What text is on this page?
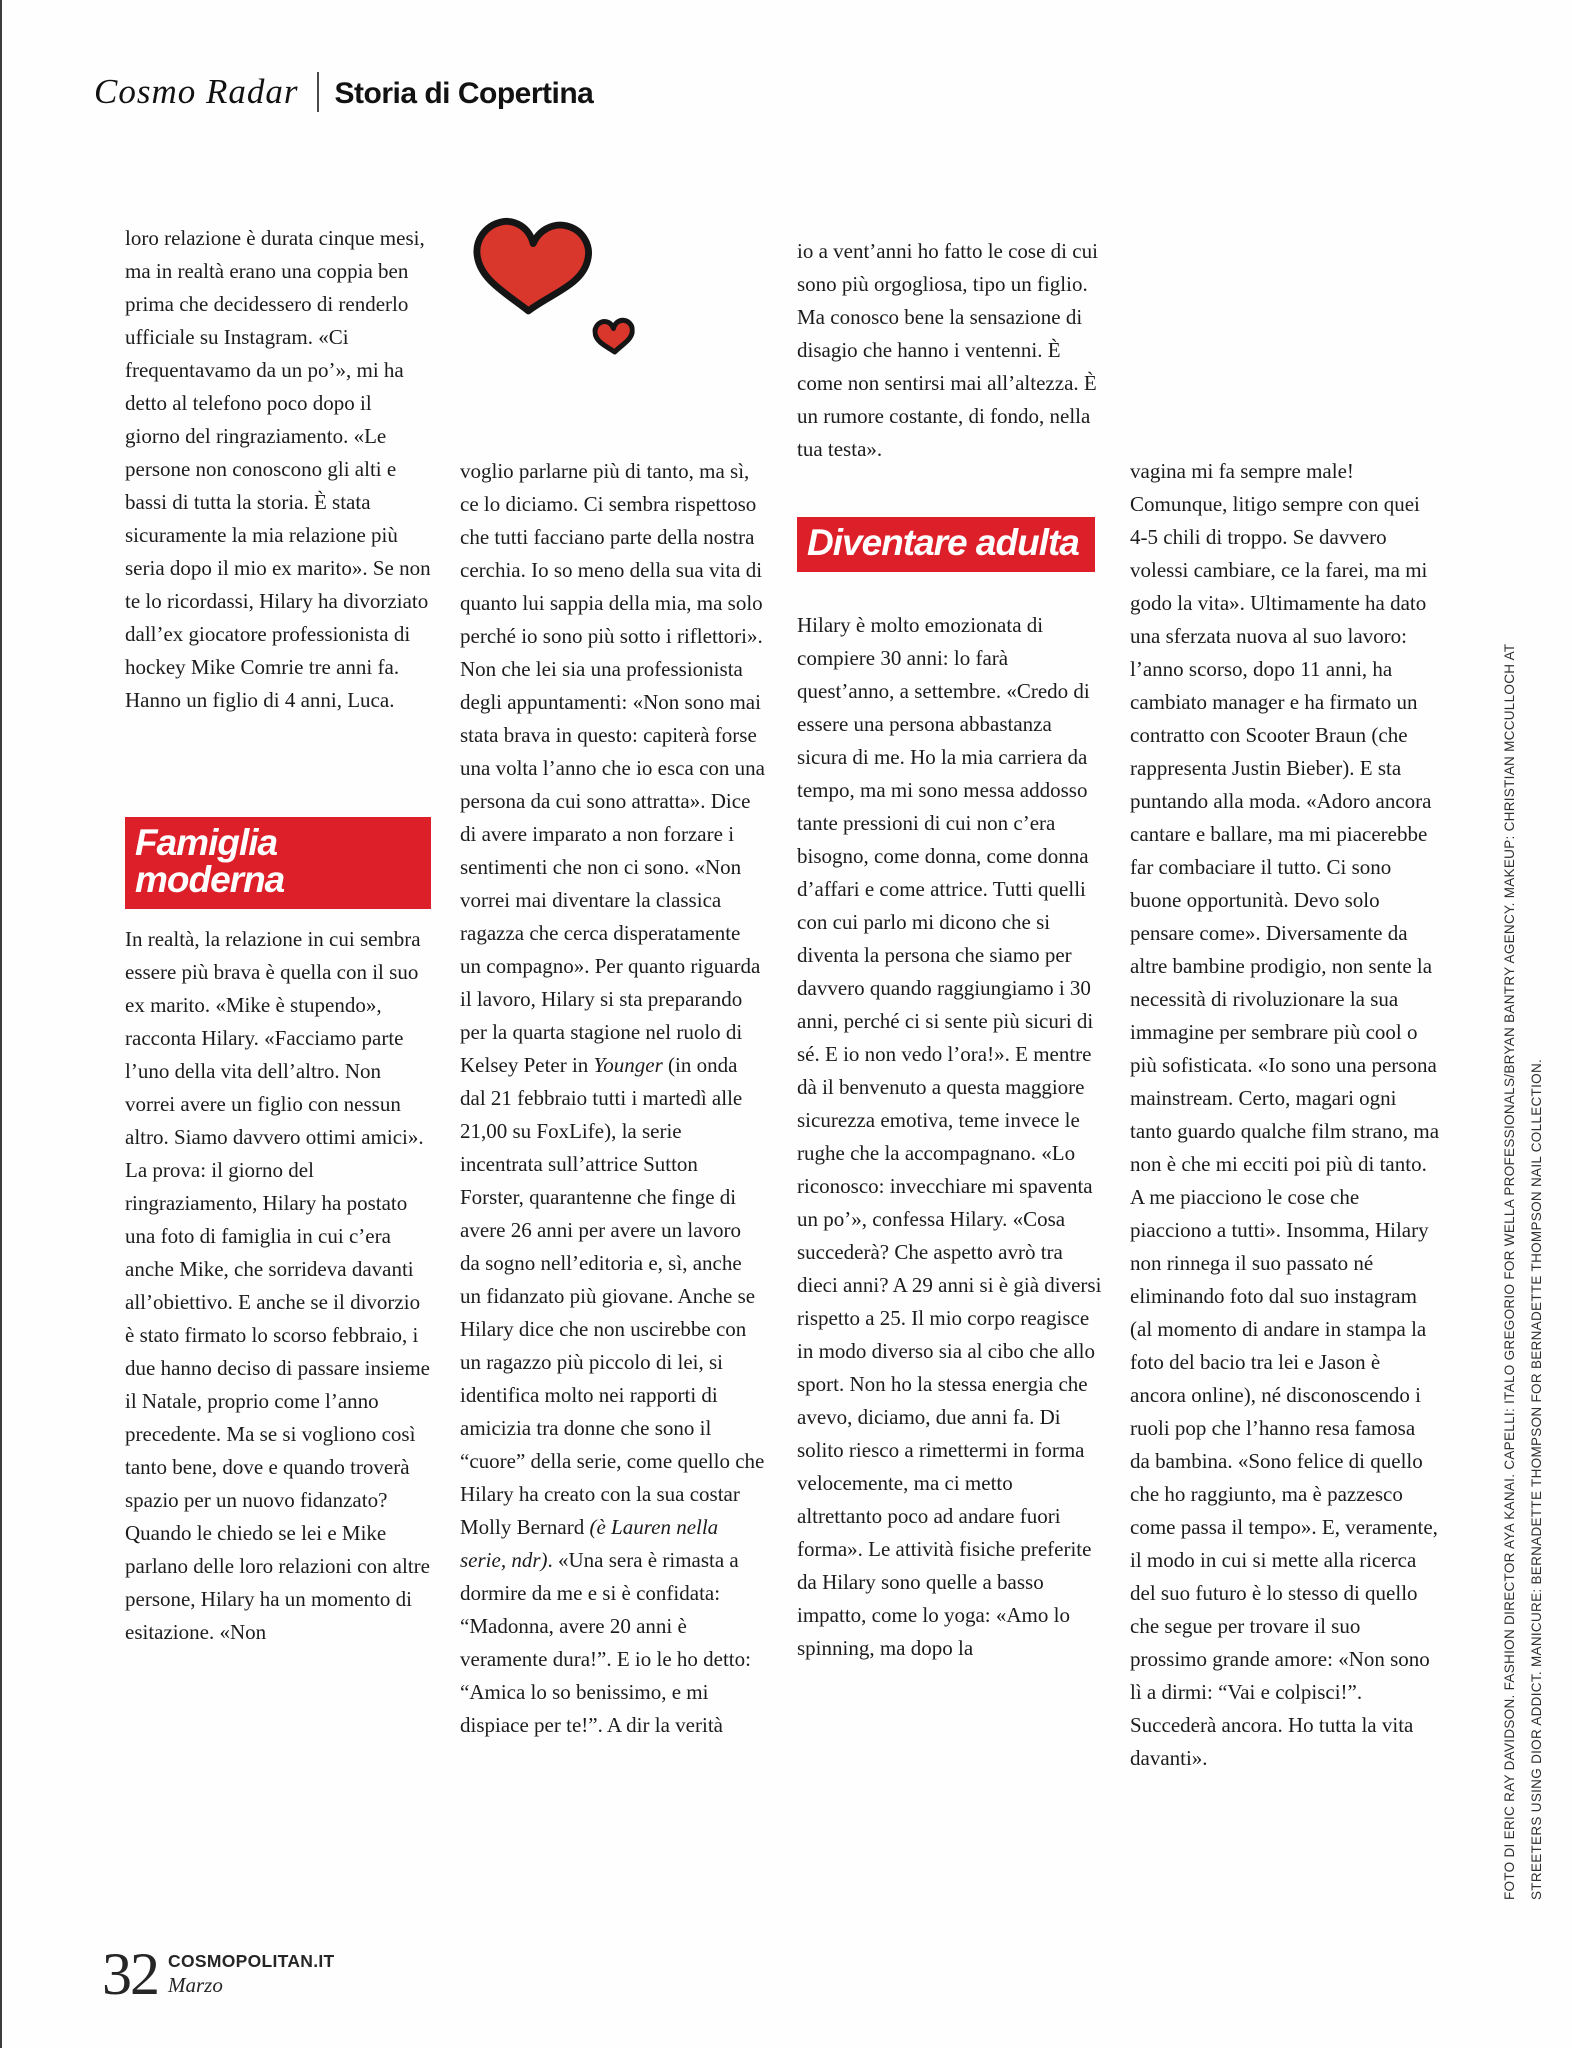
Cosmo Radar Storia di Copertina

loro relazione è durata cinque mesi, ma in realtà erano una coppia ben prima che decidessero di renderlo ufficiale su Instagram. «Ci frequentavamo da un po’», mi ha detto al telefono poco dopo il giorno del ringraziamento. «Le persone non conoscono gli alti e bassi di tutta la storia. È stata sicuramente la mia relazione più seria dopo il mio ex marito». Se non te lo ricordassi, Hilary ha divorziato dall’ex giocatore professionista di hockey Mike Comrie tre anni fa. Hanno un figlio di 4 anni, Luca.

Famiglia moderna

In realtà, la relazione in cui sembra essere più brava è quella con il suo ex marito. «Mike è stupendo», racconta Hilary. «Facciamo parte l’uno della vita dell’altro. Non vorrei avere un figlio con nessun altro. Siamo davvero ottimi amici». La prova: il giorno del ringraziamento, Hilary ha postato una foto di famiglia in cui c’era anche Mike, che sorrideva davanti all’obiettivo. E anche se il divorzio è stato firmato lo scorso febbraio, i due hanno deciso di passare insieme il Natale, proprio come l’anno precedente. Ma se si vogliono così tanto bene, dove e quando troverà spazio per un nuovo fidanzato?

Quando le chiedo se lei e Mike parlano delle loro relazioni con altre persone, Hilary ha un momento di esitazione. «Non

voglio parlarne più di tanto, ma sì, ce lo diciamo. Ci sembra rispettoso che tutti facciano parte della nostra cerchia. Io so meno della sua vita di quanto lui sappia della mia, ma solo perché io sono più sotto i riflettori». Non che lei sia una professionista degli appuntamenti: «Non sono mai stata brava in questo: capiterà forse una volta l’anno che io esca con una persona da cui sono attratta». Dice di avere imparato a non forzare i sentimenti che non ci sono. «Non vorrei mai diventare la classica ragazza che cerca disperatamente un compagno». Per quanto riguarda il lavoro, Hilary si sta preparando per la quarta stagione nel ruolo di Kelsey Peter in Younger (in onda dal 21 febbraio tutti i martedì alle 21,00 su FoxLife), la serie incentrata sull’attrice Sutton Forster, quarantenne che finge di avere 26 anni per avere un lavoro da sogno nell’editoria e, sì, anche un fidanzato più giovane. Anche se Hilary dice che non uscirebbe con un ragazzo più piccolo di lei, si identifica molto nei rapporti di amicizia tra donne che sono il “cuore” della serie, come quello che Hilary ha creato con la sua costar Molly Bernard (è Lauren nella serie, ndr). «Una sera è rimasta a dormire da me e si è confidata: “Madonna, avere 20 anni è veramente dura!”. E io le ho detto: “Amica lo so benissimo, e mi dispiace per te!”. A dir la verità

io a vent’anni ho fatto le cose di cui sono più orgogliosa, tipo un figlio. Ma conosco bene la sensazione di disagio che hanno i ventenni. È come non sentirsi mai all’altezza. È un rumore costante, di fondo, nella tua testa».

Diventare adulta

Hilary è molto emozionata di compiere 30 anni: lo farà quest’anno, a settembre. «Credo di essere una persona abbastanza sicura di me. Ho la mia carriera da tempo, ma mi sono messa addosso tante pressioni di cui non c’era bisogno, come donna, come donna d’affari e come attrice. Tutti quelli con cui parlo mi dicono che si diventa la persona che siamo per davvero quando raggiungiamo i 30 anni, perché ci si sente più sicuri di sé. E io non vedo l’ora!». E mentre dà il benvenuto a questa maggiore sicurezza emotiva, teme invece le rughe che la accompagnano. «Lo riconosco: invecchiare mi spaventa un po’», confessa Hilary. «Cosa succederà? Che aspetto avrò tra dieci anni? A 29 anni si è già diversi rispetto a 25. Il mio corpo reagisce in modo diverso sia al cibo che allo sport. Non ho la stessa energia che avevo, diciamo, due anni fa. Di solito riesco a rimettermi in forma velocemente, ma ci metto altrettanto poco ad andare fuori forma». Le attività fisiche preferite da Hilary sono quelle a basso impatto, come lo yoga: «Amo lo spinning, ma dopo la

vagina mi fa sempre male! Comunque, litigo sempre con quei 4-5 chili di troppo. Se davvero volessi cambiare, ce la farei, ma mi godo la vita». Ultimamente ha dato una sferzata nuova al suo lavoro: l’anno scorso, dopo 11 anni, ha cambiato manager e ha firmato un contratto con Scooter Braun (che rappresenta Justin Bieber). E sta puntando alla moda. «Adoro ancora cantare e ballare, ma mi piacerebbe far combaciare il tutto. Ci sono buone opportunità. Devo solo pensare come». Diversamente da altre bambine prodigio, non sente la necessità di rivoluzionare la sua immagine per sembrare più cool o più sofisticata. «Io sono una persona mainstream. Certo, magari ogni tanto guardo qualche film strano, ma non è che mi ecciti poi più di tanto. A me piacciono le cose che piacciono a tutti». Insomma, Hilary non rinnega il suo passato né eliminando foto dal suo instagram (al momento di andare in stampa la foto del bacio tra lei e Jason è ancora online), né disconoscendo i ruoli pop che l’hanno resa famosa da bambina. «Sono felice di quello che ho raggiunto, ma è pazzesco come passa il tempo». E, veramente, il modo in cui si mette alla ricerca del suo futuro è lo stesso di quello che segue per trovare il suo prossimo grande amore: «Non sono lì a dirmi: “Vai e colpisci!”. Succederà ancora. Ho tutta la vita davanti».	FOTO DI ERIC RAY DAVIDSON. FASHION DIRECTOR AYA KANAI. CAPELLI: ITALO GREGORIO FOR WELLA PROFESSIONALS/BRYAN BANTRY AGENCY. MAKEUP: CHRISTIAN MCCULLOCH AT STREETERS USING DIOR ADDICT. MANICURE: BERNADETTE THOMPSON FOR BERNADETTE THOMPSON NAIL COLLECTION.
32 COSMOPOLITAN.IT
Marzo
